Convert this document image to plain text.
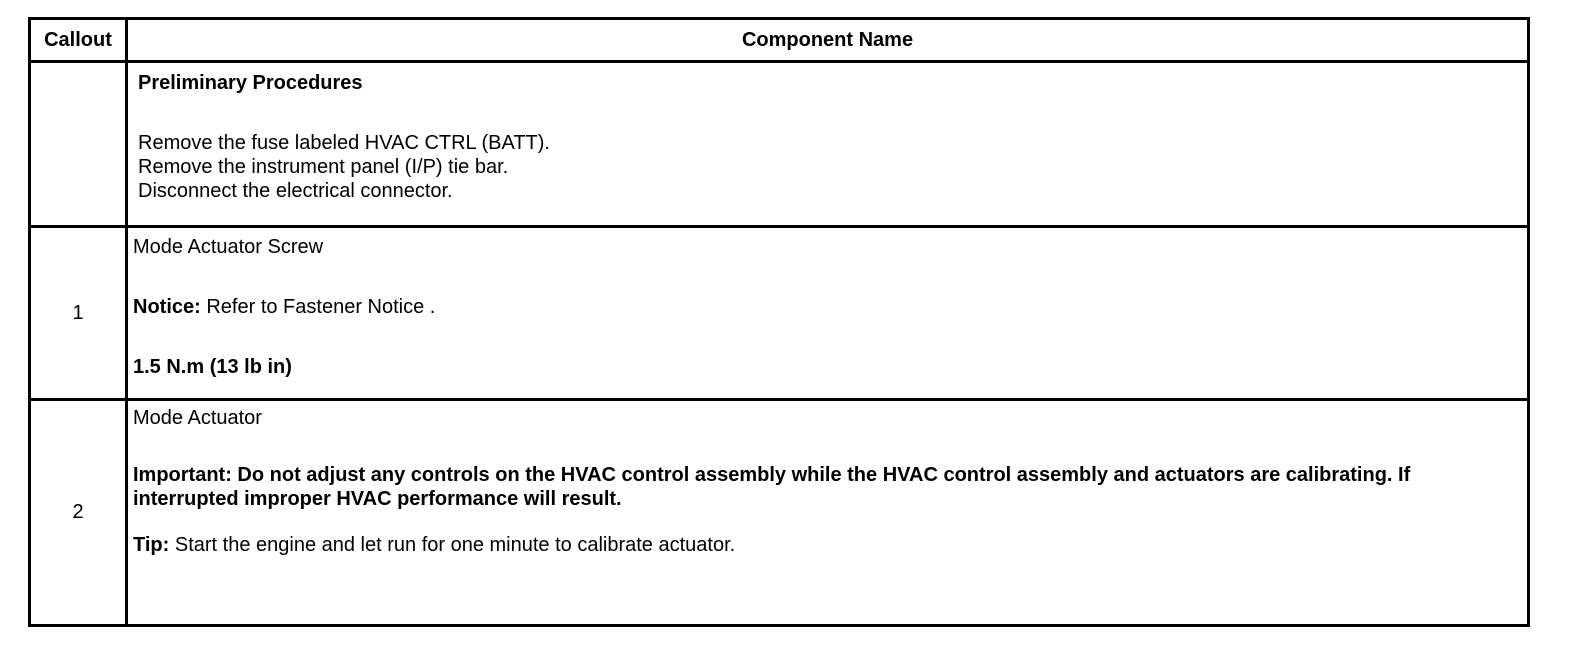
Callout	Component Name
Preliminary Procedures
Remove the fuse labeled HVAC CTRL (BATT).
Remove the instrument panel (I/P) tie bar.
Disconnect the electrical connector.
1
Mode Actuator Screw
Notice: Refer to Fastener Notice .
1.5 N.m (13 lb in)
2
Mode Actuator
Important: Do not adjust any controls on the HVAC control assembly while the HVAC control assembly and actuators are calibrating. If interrupted improper HVAC performance will result.
Tip: Start the engine and let run for one minute to calibrate actuator.
